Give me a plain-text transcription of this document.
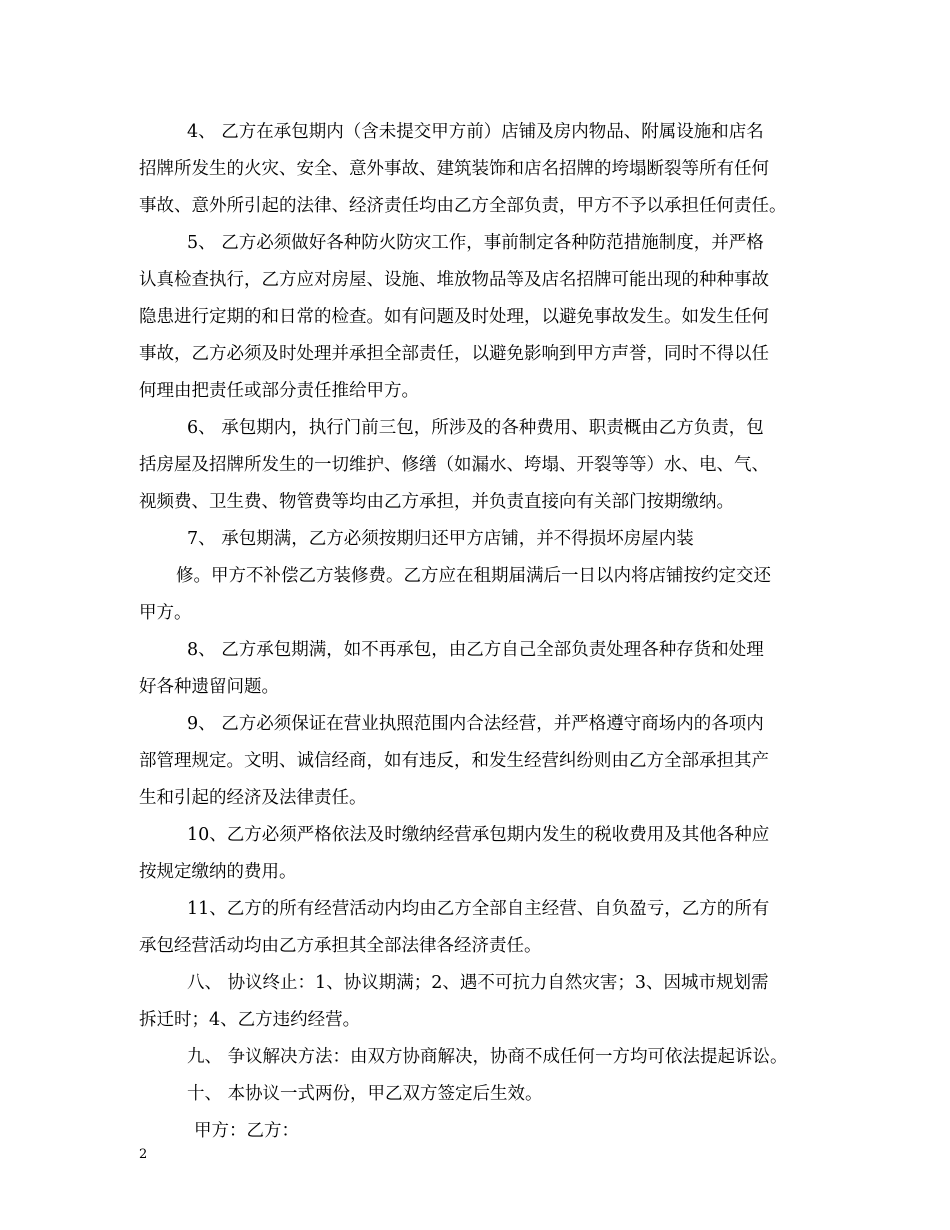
4、 乙方在承包期内（含未提交甲方前）店铺及房内物品、附属设施和店名
招牌所发生的火灾、安全、意外事故、建筑装饰和店名招牌的垮塌断裂等所有任何
事故、意外所引起的法律、经济责任均由乙方全部负责，甲方不予以承担任何责任。
5、 乙方必须做好各种防火防灾工作，事前制定各种防范措施制度，并严格
认真检查执行，乙方应对房屋、设施、堆放物品等及店名招牌可能出现的种种事故
隐患进行定期的和日常的检查。如有问题及时处理，以避免事故发生。如发生任何
事故，乙方必须及时处理并承担全部责任，以避免影响到甲方声誉，同时不得以任
何理由把责任或部分责任推给甲方。
6、 承包期内，执行门前三包，所涉及的各种费用、职责概由乙方负责，包
括房屋及招牌所发生的一切维护、修缮（如漏水、垮塌、开裂等等）水、电、气、
视频费、卫生费、物管费等均由乙方承担，并负责直接向有关部门按期缴纳。
7、 承包期满，乙方必须按期归还甲方店铺，并不得损坏房屋内装
修。甲方不补偿乙方装修费。乙方应在租期届满后一日以内将店铺按约定交还
甲方。
8、 乙方承包期满，如不再承包，由乙方自己全部负责处理各种存货和处理
好各种遗留问题。
9、 乙方必须保证在营业执照范围内合法经营，并严格遵守商场内的各项内
部管理规定。文明、诚信经商，如有违反，和发生经营纠纷则由乙方全部承担其产
生和引起的经济及法律责任。
10、乙方必须严格依法及时缴纳经营承包期内发生的税收费用及其他各种应
按规定缴纳的费用。
11、乙方的所有经营活动内均由乙方全部自主经营、自负盈亏，乙方的所有
承包经营活动均由乙方承担其全部法律各经济责任。
八、 协议终止：1、协议期满；2、遇不可抗力自然灾害；3、因城市规划需
拆迁时；4、乙方违约经营。
九、 争议解决方法：由双方协商解决，协商不成任何一方均可依法提起诉讼。
十、 本协议一式两份，甲乙双方签定后生效。
甲方：乙方：
2
